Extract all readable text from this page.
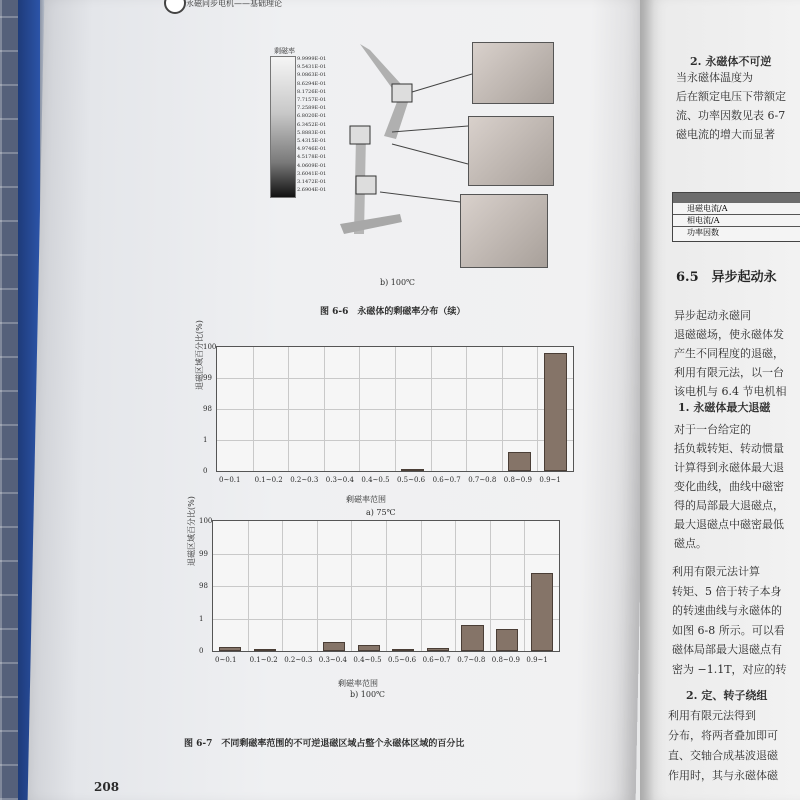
永磁同步电机——基础理论
剩磁率
9.9999E-01
9.5431E-01
9.0863E-01
8.6294E-01
8.1726E-01
7.7157E-01
7.2589E-01
6.8020E-01
6.3452E-01
5.8883E-01
5.4315E-01
4.9746E-01
4.5178E-01
4.0609E-01
3.6041E-01
3.1472E-01
2.6904E-01
b) 100℃
图 6-6　永磁体的剩磁率分布（续）
0
1
98
99
100
0~0.1 0.1~0.2 0.2~0.3 0.3~0.4 0.4~0.5 0.5~0.6 0.6~0.7 0.7~0.8 0.8~0.9 0.9~1
退磁区域百分比(%)
剩磁率范围
a) 75℃
0
1
98
99
100
0~0.1 0.1~0.2 0.2~0.3 0.3~0.4 0.4~0.5 0.5~0.6 0.6~0.7 0.7~0.8 0.8~0.9 0.9~1
退磁区域百分比(%)
剩磁率范围
b) 100℃
图 6-7　不同剩磁率范围的不可逆退磁区域占整个永磁体区域的百分比
208
2. 永磁体不可逆
当永磁体温度为
后在额定电压下带额定
流、功率因数见表 6-7
磁电流的增大而显著
退磁电流/A
相电流/A
功率因数
6.5　异步起动永
异步起动永磁同
退磁磁场，使永磁体发
产生不同程度的退磁，
利用有限元法，以一台
该电机与 6.4 节电机相
1. 永磁体最大退磁
对于一台给定的
括负载转矩、转动惯量
计算得到永磁体最大退
变化曲线，曲线中磁密
得的局部最大退磁点，
最大退磁点中磁密最低
磁点。
利用有限元法计算
转矩、5 倍于转子本身
的转速曲线与永磁体的
如图 6-8 所示。可以看
磁体局部最大退磁点有
密为 −1.1T，对应的转
2. 定、转子绕组
利用有限元法得到
分布，将两者叠加即可
直、交轴合成基波退磁
作用时，其与永磁体磁
